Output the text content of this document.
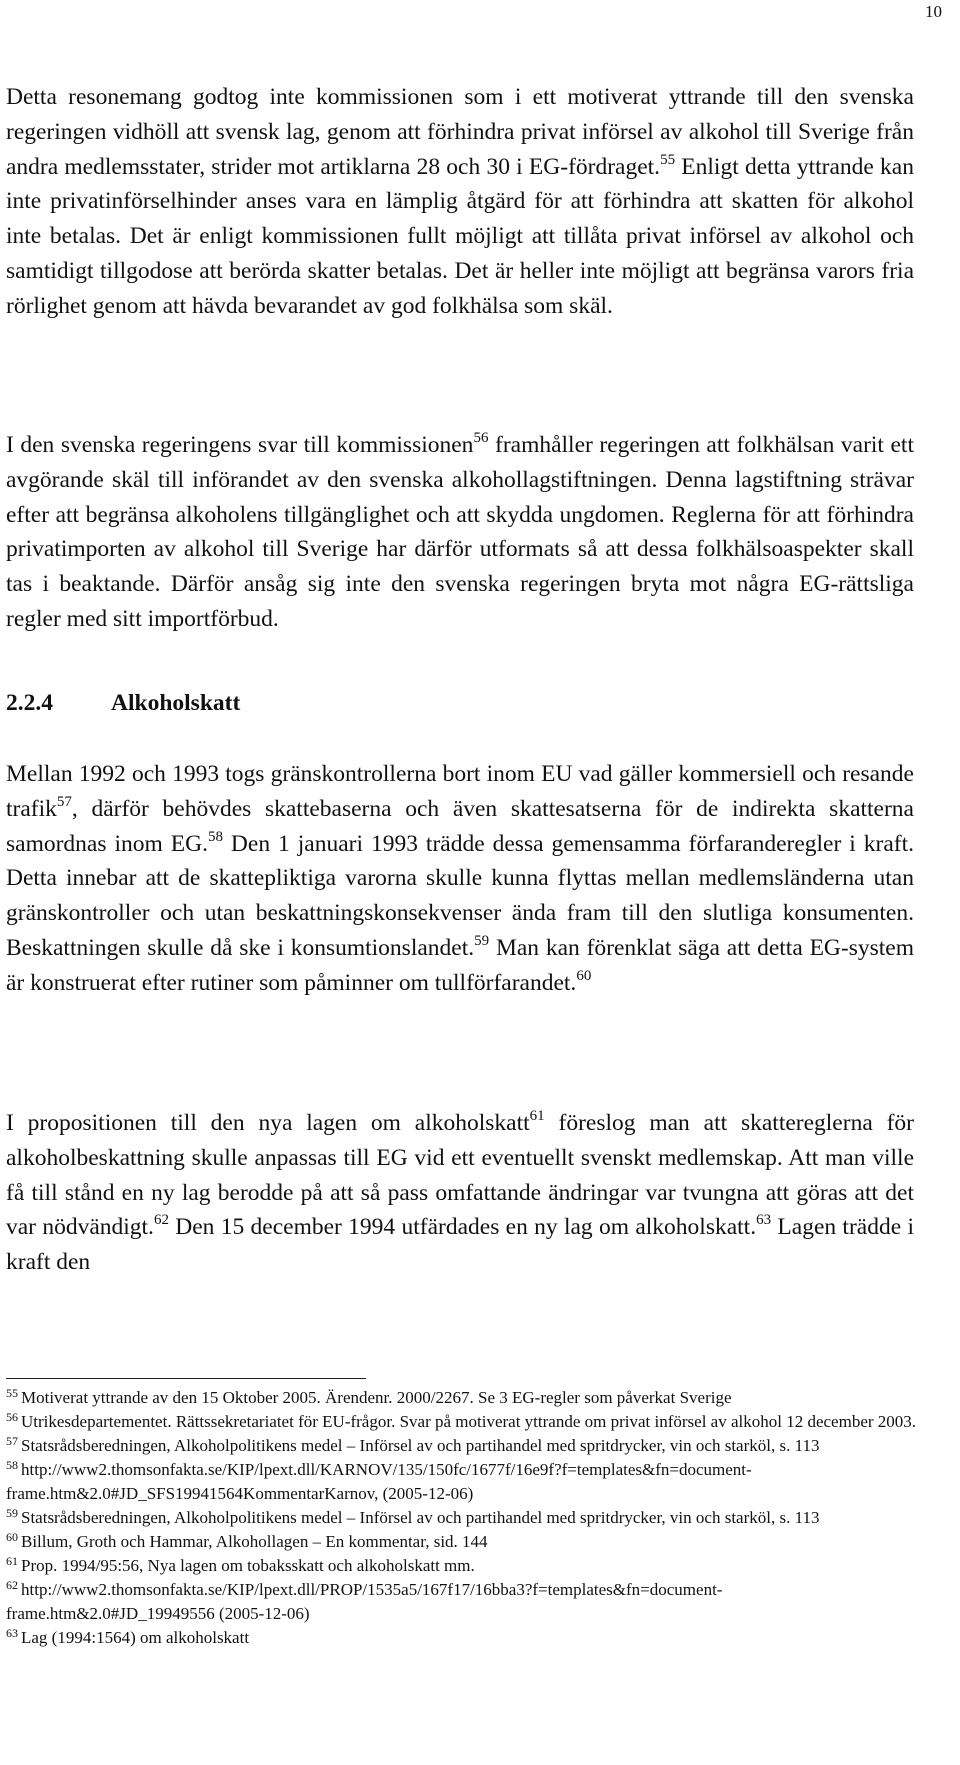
10
Detta resonemang godtog inte kommissionen som i ett motiverat yttrande till den svenska regeringen vidhöll att svensk lag, genom att förhindra privat införsel av alkohol till Sverige från andra medlemsstater, strider mot artiklarna 28 och 30 i EG-fördraget.$^{55}$ Enligt detta yttrande kan inte privatinförselhinder anses vara en lämplig åtgärd för att förhindra att skatten för alkohol inte betalas. Det är enligt kommissionen fullt möjligt att tillåta privat införsel av alkohol och samtidigt tillgodose att berörda skatter betalas. Det är heller inte möjligt att begränsa varors fria rörlighet genom att hävda bevarandet av god folkhälsa som skäl.
I den svenska regeringens svar till kommissionen$^{56}$ framhåller regeringen att folkhälsan varit ett avgörande skäl till införandet av den svenska alkohollagstiftningen. Denna lagstiftning strävar efter att begränsa alkoholens tillgänglighet och att skydda ungdomen. Reglerna för att förhindra privatimporten av alkohol till Sverige har därför utformats så att dessa folkhälsoaspekter skall tas i beaktande. Därför ansåg sig inte den svenska regeringen bryta mot några EG-rättsliga regler med sitt importförbud.
2.2.4 Alkoholskatt
Mellan 1992 och 1993 togs gränskontrollerna bort inom EU vad gäller kommersiell och resande trafik$^{57}$, därför behövdes skattebaserna och även skattesatserna för de indirekta skatterna samordnas inom EG.$^{58}$ Den 1 januari 1993 trädde dessa gemensamma förfaranderegler i kraft. Detta innebar att de skattepliktiga varorna skulle kunna flyttas mellan medlemsländerna utan gränskontroller och utan beskattningskonsekvenser ända fram till den slutliga konsumenten. Beskattningen skulle då ske i konsumtionslandet.$^{59}$ Man kan förenklat säga att detta EG-system är konstruerat efter rutiner som påminner om tullförfarandet.$^{60}$
I propositionen till den nya lagen om alkoholskatt$^{61}$ föreslog man att skattereglerna för alkoholbeskattning skulle anpassas till EG vid ett eventuellt svenskt medlemskap. Att man ville få till stånd en ny lag berodde på att så pass omfattande ändringar var tvungna att göras att det var nödvändigt.$^{62}$ Den 15 december 1994 utfärdades en ny lag om alkoholskatt.$^{63}$ Lagen trädde i kraft den
$^{55}$ Motiverat yttrande av den 15 Oktober 2005. Ärendenr. 2000/2267. Se 3 EG-regler som påverkat Sverige
$^{56}$ Utrikesdepartementet. Rättssekretariatet för EU-frågor. Svar på motiverat yttrande om privat införsel av alkohol 12 december 2003.
$^{57}$ Statsrådsberedningen, Alkoholpolitikens medel – Införsel av och partihandel med spritdrycker, vin och starköl, s. 113
$^{58}$ http://www2.thomsonfakta.se/KIP/lpext.dll/KARNOV/135/150fc/1677f/16e9f?f=templates&fn=document-frame.htm&2.0#JD_SFS19941564KommentarKarnov, (2005-12-06)
$^{59}$ Statsrådsberedningen, Alkoholpolitikens medel – Införsel av och partihandel med spritdrycker, vin och starköl, s. 113
$^{60}$ Billum, Groth och Hammar, Alkohollagen – En kommentar, sid. 144
$^{61}$ Prop. 1994/95:56, Nya lagen om tobaksskatt och alkoholskatt mm.
$^{62}$ http://www2.thomsonfakta.se/KIP/lpext.dll/PROP/1535a5/167f17/16bba3?f=templates&fn=document-frame.htm&2.0#JD_19949556 (2005-12-06)
$^{63}$ Lag (1994:1564) om alkoholskatt
